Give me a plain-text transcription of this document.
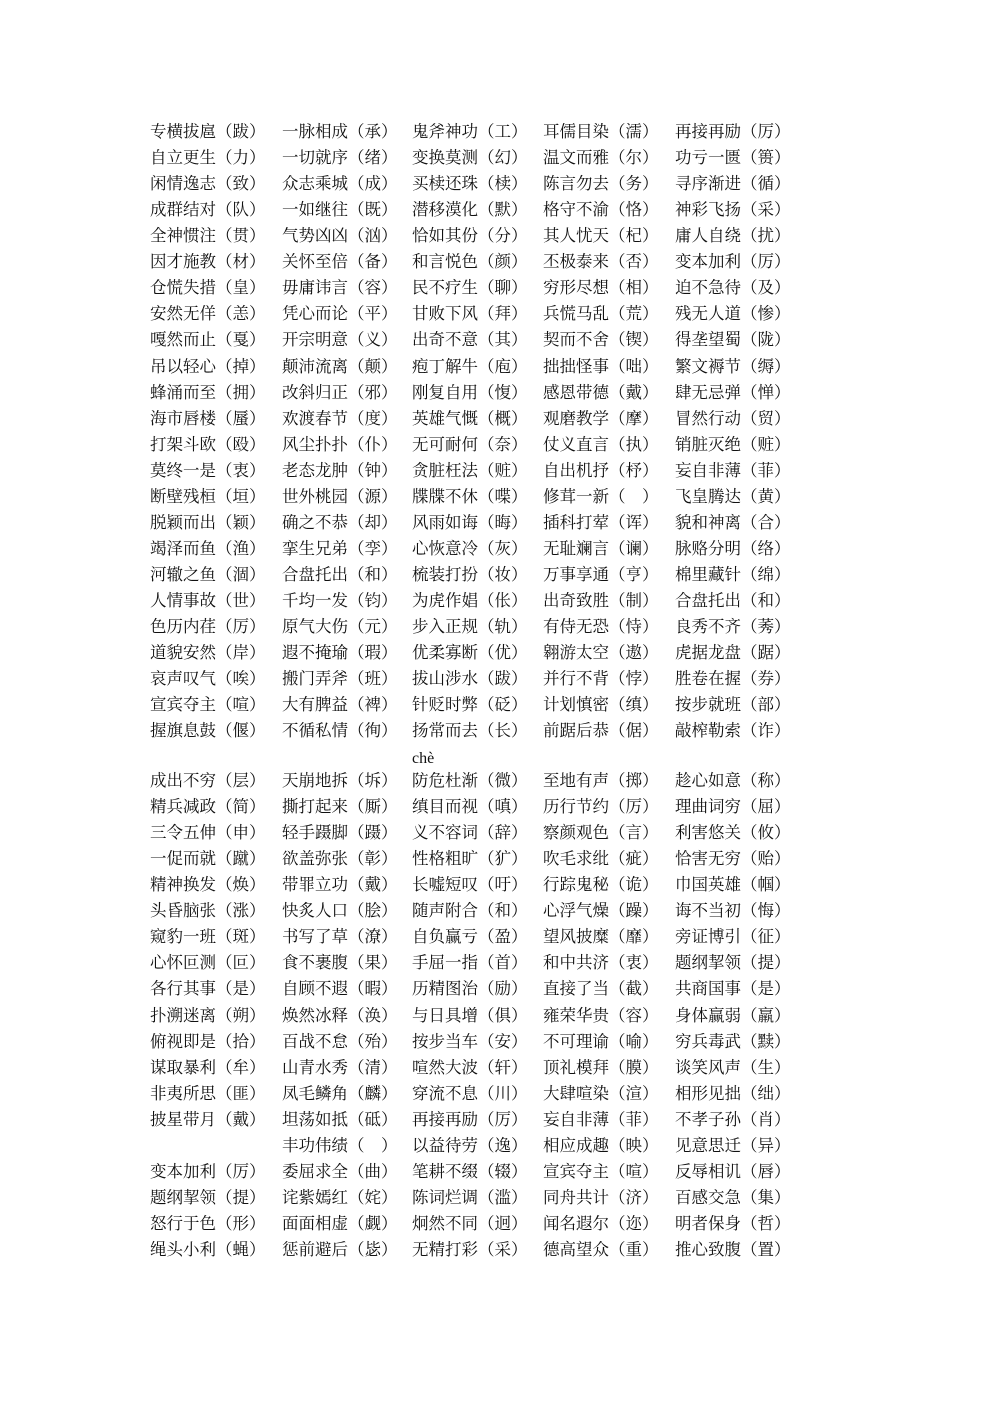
专横拔扈（跋） 一脉相成（承） 鬼斧神功（工） 耳儒目染（濡） 再接再励（厉）
自立更生（力） 一切就序（绪） 变换莫测（幻） 温文而雅（尔） 功亏一匮（篑）
闲情逸志（致） 众志乘城（成） 买椟还珠（椟） 陈言勿去（务） 寻序渐进（循）
成群结对（队） 一如继往（既） 潜移漠化（默） 格守不渝（恪） 神彩飞扬（采）
全神惯注（贯） 气势凶凶（汹） 恰如其份（分） 其人忧天（杞） 庸人自绕（扰）
因才施教（材） 关怀至倍（备） 和言悦色（颜） 丕极泰来（否） 变本加利（厉）
仓慌失措（皇） 毋庸讳言（容） 民不疗生（聊） 穷形尽想（相） 迫不急待（及）
安然无佯（恙） 凭心而论（平） 甘败下风（拜） 兵慌马乱（荒） 残无人道（惨）
嘎然而止（戛） 开宗明意（义） 出奇不意（其） 契而不舍（锲） 得垄望蜀（陇）
吊以轻心（掉） 颠沛流离（颠） 疱丁解牛（庖） 拙拙怪事（咄） 繁文褥节（缛）
蜂涌而至（拥） 改斜归正（邪） 刚复自用（愎） 感恩带德（戴） 肆无忌弹（惮）
海市唇楼（蜃） 欢渡春节（度） 英雄气慨（概） 观磨教学（摩） 冒然行动（贸）
打架斗欧（殴） 风尘扑扑（仆） 无可耐何（奈） 仗义直言（执） 销脏灭绝（赃）
莫终一是（衷） 老态龙肿（钟） 贪脏枉法（赃） 自出机抒（杼） 妄自非薄（菲）
断壁残桓（垣） 世外桃园（源） 牒牒不休（喋） 修茸一新（　） 飞皇腾达（黄）
脱颖而出（颖） 确之不恭（却） 风雨如诲（晦） 插科打荤（诨） 貌和神离（合）
竭泽而鱼（渔） 挛生兄弟（孪） 心恢意冷（灰） 无耻斓言（谰） 脉赂分明（络）
河辙之鱼（涸） 合盘托出（和） 梳装打扮（妆） 万事享通（亨） 棉里藏针（绵）
人情事故（世） 千均一发（钧） 为虎作娼（伥） 出奇致胜（制） 合盘托出（和）
色历内荏（厉） 原气大伤（元） 步入正规（轨） 有侍无恐（恃） 良秀不齐（莠）
道貌安然（岸） 遐不掩瑜（瑕） 优柔寡断（优） 翱游太空（遨） 虎据龙盘（踞）
哀声叹气（唉） 搬门弄斧（班） 拔山涉水（跋） 并行不背（悖） 胜卷在握（券）
宣宾夺主（喧） 大有脾益（裨） 针贬时弊（砭） 计划慎密（缜） 按步就班（部）
握旗息鼓（偃） 不循私情（徇） 扬常而去（长） 前踞后恭（倨） 敲榨勒索（诈）
chè
成出不穷（层） 天崩地拆（坼） 防危杜渐（微） 至地有声（掷） 趁心如意（称）
精兵减政（简） 撕打起来（厮） 缜目而视（嗔） 历行节约（厉） 理曲词穷（屈）
三令五伸（申） 轻手蹑脚（蹑） 义不容词（辞） 察颜观色（言） 利害悠关（攸）
一促而就（蹴） 欲盖弥张（彰） 性格粗旷（犷） 吹毛求纰（疵） 恰害无穷（贻）
精神换发（焕） 带罪立功（戴） 长嘘短叹（吁） 行踪鬼秘（诡） 巾国英雄（帼）
头昏脑张（涨） 快炙人口（脍） 随声附合（和） 心浮气燥（躁） 诲不当初（悔）
窥豹一班（斑） 书写了草（潦） 自负赢亏（盈） 望风披糜（靡） 旁证博引（征）
心怀叵测（叵） 食不裹腹（果） 手屈一指（首） 和中共济（衷） 题纲挈领（提）
各行其事（是） 自顾不遐（暇） 历精图治（励） 直接了当（截） 共商国事（是）
扑溯迷离（朔） 焕然冰释（涣） 与日具增（俱） 雍荣华贵（容） 身体赢弱（羸）
俯视即是（拾） 百战不怠（殆） 按步当车（安） 不可理谕（喻） 穷兵毒武（黩）
谋取暴利（牟） 山青水秀（清） 喧然大波（轩） 顶礼模拜（膜） 谈笑风声（生）
非夷所思（匪） 凤毛鳞角（麟） 穿流不息（川） 大肆喧染（渲） 相形见拙（绌）
披星带月（戴） 坦荡如抵（砥） 再接再励（厉） 妄自非薄（菲） 不孝子孙（肖）
丰功伟绩（　） 以益待劳（逸） 相应成趣（映） 见意思迁（异）
变本加利（厉） 委屈求全（曲） 笔耕不缀（辍） 宣宾夺主（喧） 反辱相讥（唇）
题纲挈领（提） 诧紫嫣红（姹） 陈词烂调（滥） 同舟共计（济） 百感交急（集）
怒行于色（形） 面面相虚（觑） 炯然不同（迥） 闻名遐尔（迩） 明者保身（哲）
绳头小利（蝇） 惩前避后（毖） 无精打彩（采） 德高望众（重） 推心致腹（置）
